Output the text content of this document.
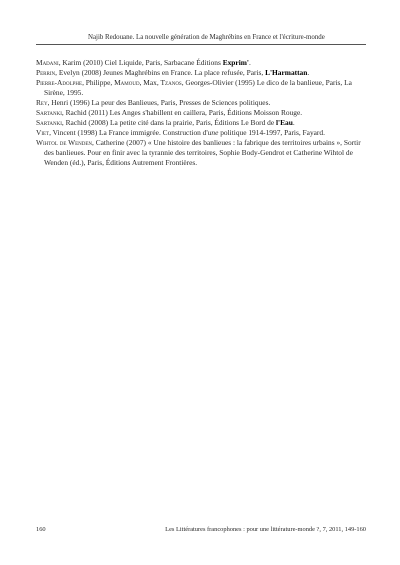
Najib Redouane. La nouvelle génération de Maghrébins en France et l'écriture-monde

Madani, Karim (2010) Ciel Liquide, Paris, Sarbacane Éditions Exprim'.

Perrin, Evelyn (2008) Jeunes Maghrébins en France. La place refusée, Paris, L'Harmattan.

Pierre-Adolphe, Philippe, Mamoud, Max, Tzanos, Georges-Olivier (1995) Le dico de la banlieue, Paris, La Sirène, 1995.

Rey, Henri (1996) La peur des Banlieues, Paris, Presses de Sciences politiques.

Sartanki, Rachid (2011) Les Anges s'habillent en caillera, Paris, Éditions Moisson Rouge.

Sartanki, Rachid (2008) La petite cité dans la prairie, Paris, Éditions Le Bord de l'Eau.

Viet, Vincent (1998) La France immigrée. Construction d'une politique 1914-1997, Paris, Fayard.

Wihtol de Wenden, Catherine (2007) « Une histoire des banlieues : la fabrique des territoires urbains », Sortir des banlieues. Pour en finir avec la tyrannie des territoires, Sophie Body-Gendrot et Catherine Wihtol de Wenden (éd.), Paris, Éditions Autrement Frontières.

160	Les Littératures francophones : pour une littérature-monde ?, 7, 2011, 149-160
